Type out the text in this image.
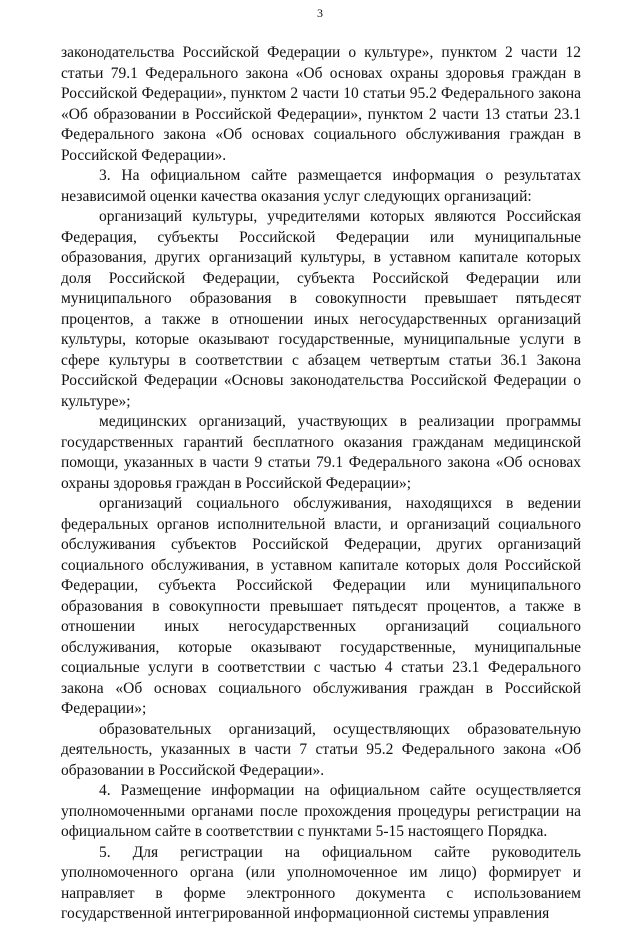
3

законодательства Российской Федерации о культуре», пунктом 2 части 12 статьи 79.1 Федерального закона «Об основах охраны здоровья граждан в Российской Федерации», пунктом 2 части 10 статьи 95.2 Федерального закона «Об образовании в Российской Федерации», пунктом 2 части 13 статьи 23.1 Федерального закона «Об основах социального обслуживания граждан в Российской Федерации».

3. На официальном сайте размещается информация о результатах независимой оценки качества оказания услуг следующих организаций:

организаций культуры, учредителями которых являются Российская Федерация, субъекты Российской Федерации или муниципальные образования, других организаций культуры, в уставном капитале которых доля Российской Федерации, субъекта Российской Федерации или муниципального образования в совокупности превышает пятьдесят процентов, а также в отношении иных негосударственных организаций культуры, которые оказывают государственные, муниципальные услуги в сфере культуры в соответствии с абзацем четвертым статьи 36.1 Закона Российской Федерации «Основы законодательства Российской Федерации о культуре»;

медицинских организаций, участвующих в реализации программы государственных гарантий бесплатного оказания гражданам медицинской помощи, указанных в части 9 статьи 79.1 Федерального закона «Об основах охраны здоровья граждан в Российской Федерации»;

организаций социального обслуживания, находящихся в ведении федеральных органов исполнительной власти, и организаций социального обслуживания субъектов Российской Федерации, других организаций социального обслуживания, в уставном капитале которых доля Российской Федерации, субъекта Российской Федерации или муниципального образования в совокупности превышает пятьдесят процентов, а также в отношении иных негосударственных организаций социального обслуживания, которые оказывают государственные, муниципальные социальные услуги в соответствии с частью 4 статьи 23.1 Федерального закона «Об основах социального обслуживания граждан в Российской Федерации»;

образовательных организаций, осуществляющих образовательную деятельность, указанных в части 7 статьи 95.2 Федерального закона «Об образовании в Российской Федерации».

4. Размещение информации на официальном сайте осуществляется уполномоченными органами после прохождения процедуры регистрации на официальном сайте в соответствии с пунктами 5-15 настоящего Порядка.

5. Для регистрации на официальном сайте руководитель уполномоченного органа (или уполномоченное им лицо) формирует и направляет в форме электронного документа с использованием государственной интегрированной информационной системы управления
